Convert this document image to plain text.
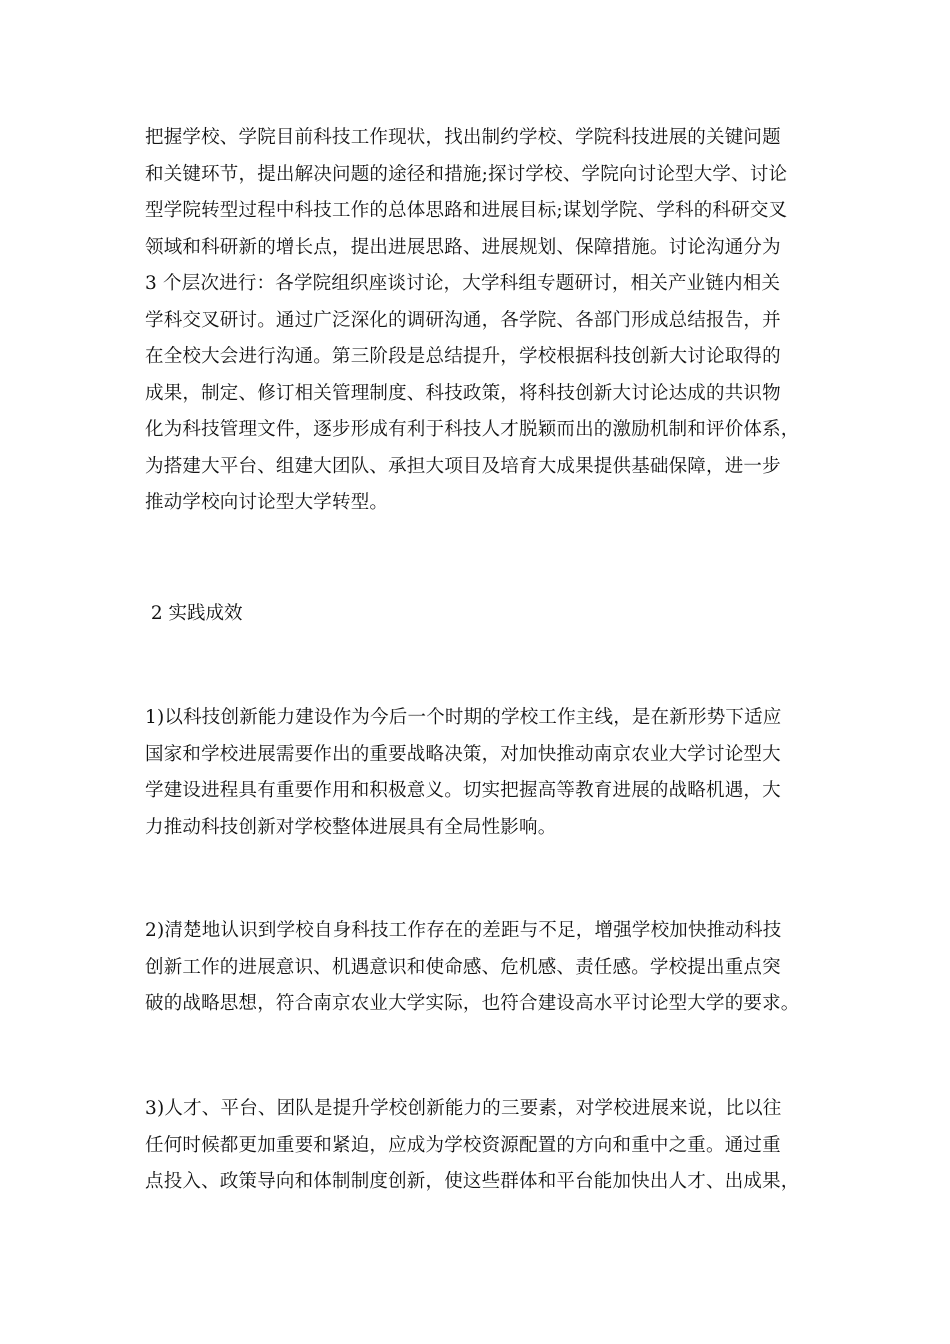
把握学校、学院目前科技工作现状，找出制约学校、学院科技进展的关键问题
和关键环节，提出解决问题的途径和措施;探讨学校、学院向讨论型大学、讨论
型学院转型过程中科技工作的总体思路和进展目标;谋划学院、学科的科研交叉
领域和科研新的增长点，提出进展思路、进展规划、保障措施。讨论沟通分为
3 个层次进行：各学院组织座谈讨论，大学科组专题研讨，相关产业链内相关
学科交叉研讨。通过广泛深化的调研沟通，各学院、各部门形成总结报告，并
在全校大会进行沟通。第三阶段是总结提升，学校根据科技创新大讨论取得的
成果，制定、修订相关管理制度、科技政策，将科技创新大讨论达成的共识物
化为科技管理文件，逐步形成有利于科技人才脱颖而出的激励机制和评价体系，
为搭建大平台、组建大团队、承担大项目及培育大成果提供基础保障，进一步
推动学校向讨论型大学转型。
2 实践成效
1)以科技创新能力建设作为今后一个时期的学校工作主线，是在新形势下适应
国家和学校进展需要作出的重要战略决策，对加快推动南京农业大学讨论型大
学建设进程具有重要作用和积极意义。切实把握高等教育进展的战略机遇，大
力推动科技创新对学校整体进展具有全局性影响。
2)清楚地认识到学校自身科技工作存在的差距与不足，增强学校加快推动科技
创新工作的进展意识、机遇意识和使命感、危机感、责任感。学校提出重点突
破的战略思想，符合南京农业大学实际，也符合建设高水平讨论型大学的要求。
3)人才、平台、团队是提升学校创新能力的三要素，对学校进展来说，比以往
任何时候都更加重要和紧迫，应成为学校资源配置的方向和重中之重。通过重
点投入、政策导向和体制制度创新，使这些群体和平台能加快出人才、出成果，
